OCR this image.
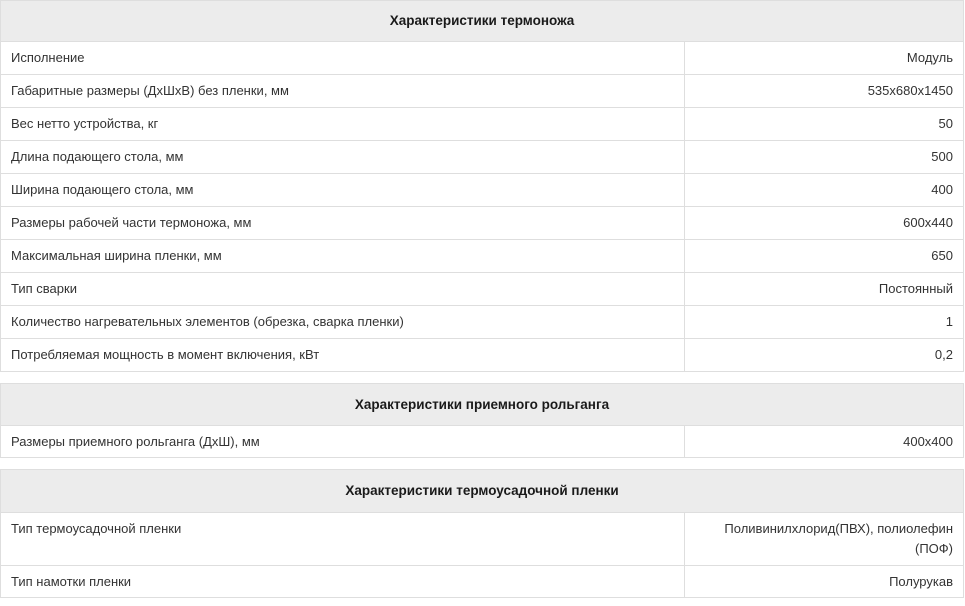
Характеристики термоножа	
Исполнение	Модуль
Габаритные размеры (ДхШхВ) без пленки, мм	535x680x1450
Вес нетто устройства, кг	50
Длина подающего стола, мм	500
Ширина подающего стола, мм	400
Размеры рабочей части термоножа, мм	600x440
Максимальная ширина пленки, мм	650
Тип сварки	Постоянный
Количество нагревательных элементов (обрезка, сварка пленки)	1
Потребляемая мощность в момент включения, кВт	0,2
Характеристики приемного рольганга
Размеры приемного рольганга (ДхШ), мм	400x400
Характеристики термоусадочной пленки	
Тип термоусадочной пленки	Поливинилхлорид(ПВХ), полиолефин (ПОФ)
Тип намотки пленки	Полурукав
